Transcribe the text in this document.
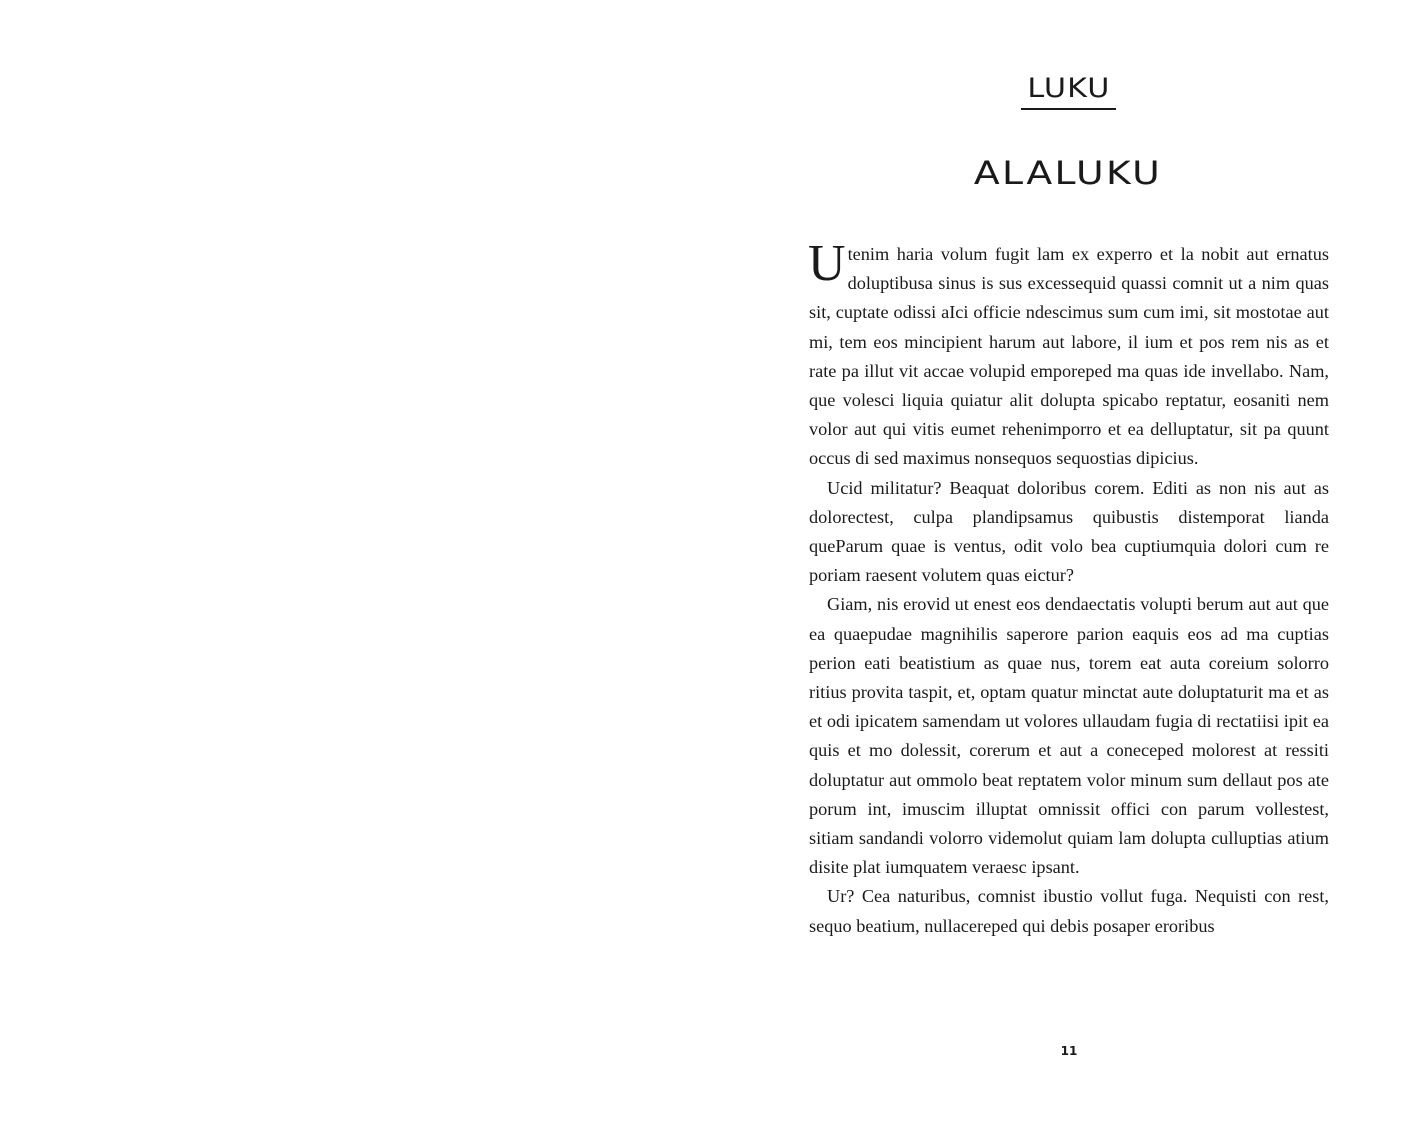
LUKU
ALALUKU

Utenim haria volum fugit lam ex experro et la nobit aut ernatus doluptibusa sinus is sus excessequid quassi comnit ut a nim quas sit, cuptate odissi aIci officie ndescimus sum cum imi, sit mostotae aut mi, tem eos mincipient harum aut labore, il ium et pos rem nis as et rate pa illut vit accae volupid emporeped ma quas ide invellabo. Nam, que volesci liquia quiatur alit dolupta spicabo reptatur, eosaniti nem volor aut qui vitis eumet rehenimporro et ea delluptatur, sit pa quunt occus di sed maximus nonsequos sequostias dipicius.

Ucid militatur? Beaquat doloribus corem. Editi as non nis aut as dolorectest, culpa plandipsamus quibustis distemporat lianda queParum quae is ventus, odit volo bea cuptiumquia dolori cum re poriam raesent volutem quas eictur?

Giam, nis erovid ut enest eos dendaectatis volupti berum aut aut que ea quaepudae magnihilis saperore parion eaquis eos ad ma cuptias perion eati beatistium as quae nus, torem eat auta coreium solorro ritius provita taspit, et, optam quatur minctat aute doluptaturit ma et as et odi ipicatem samendam ut volores ullaudam fugia di rectatiisi ipit ea quis et mo dolessit, corerum et aut a coneceped molorest at ressiti doluptatur aut ommolo beat reptatem volor minum sum dellaut pos ate porum int, imuscim illuptat omnissit offici con parum vollestest, sitiam sandandi volorro videmolut quiam lam dolupta culluptias atium disite plat iumquatem veraesc ipsant.

Ur? Cea naturibus, comnist ibustio vollut fuga. Nequisti con rest, sequo beatium, nullacereped qui debis posaper eroribus

11
